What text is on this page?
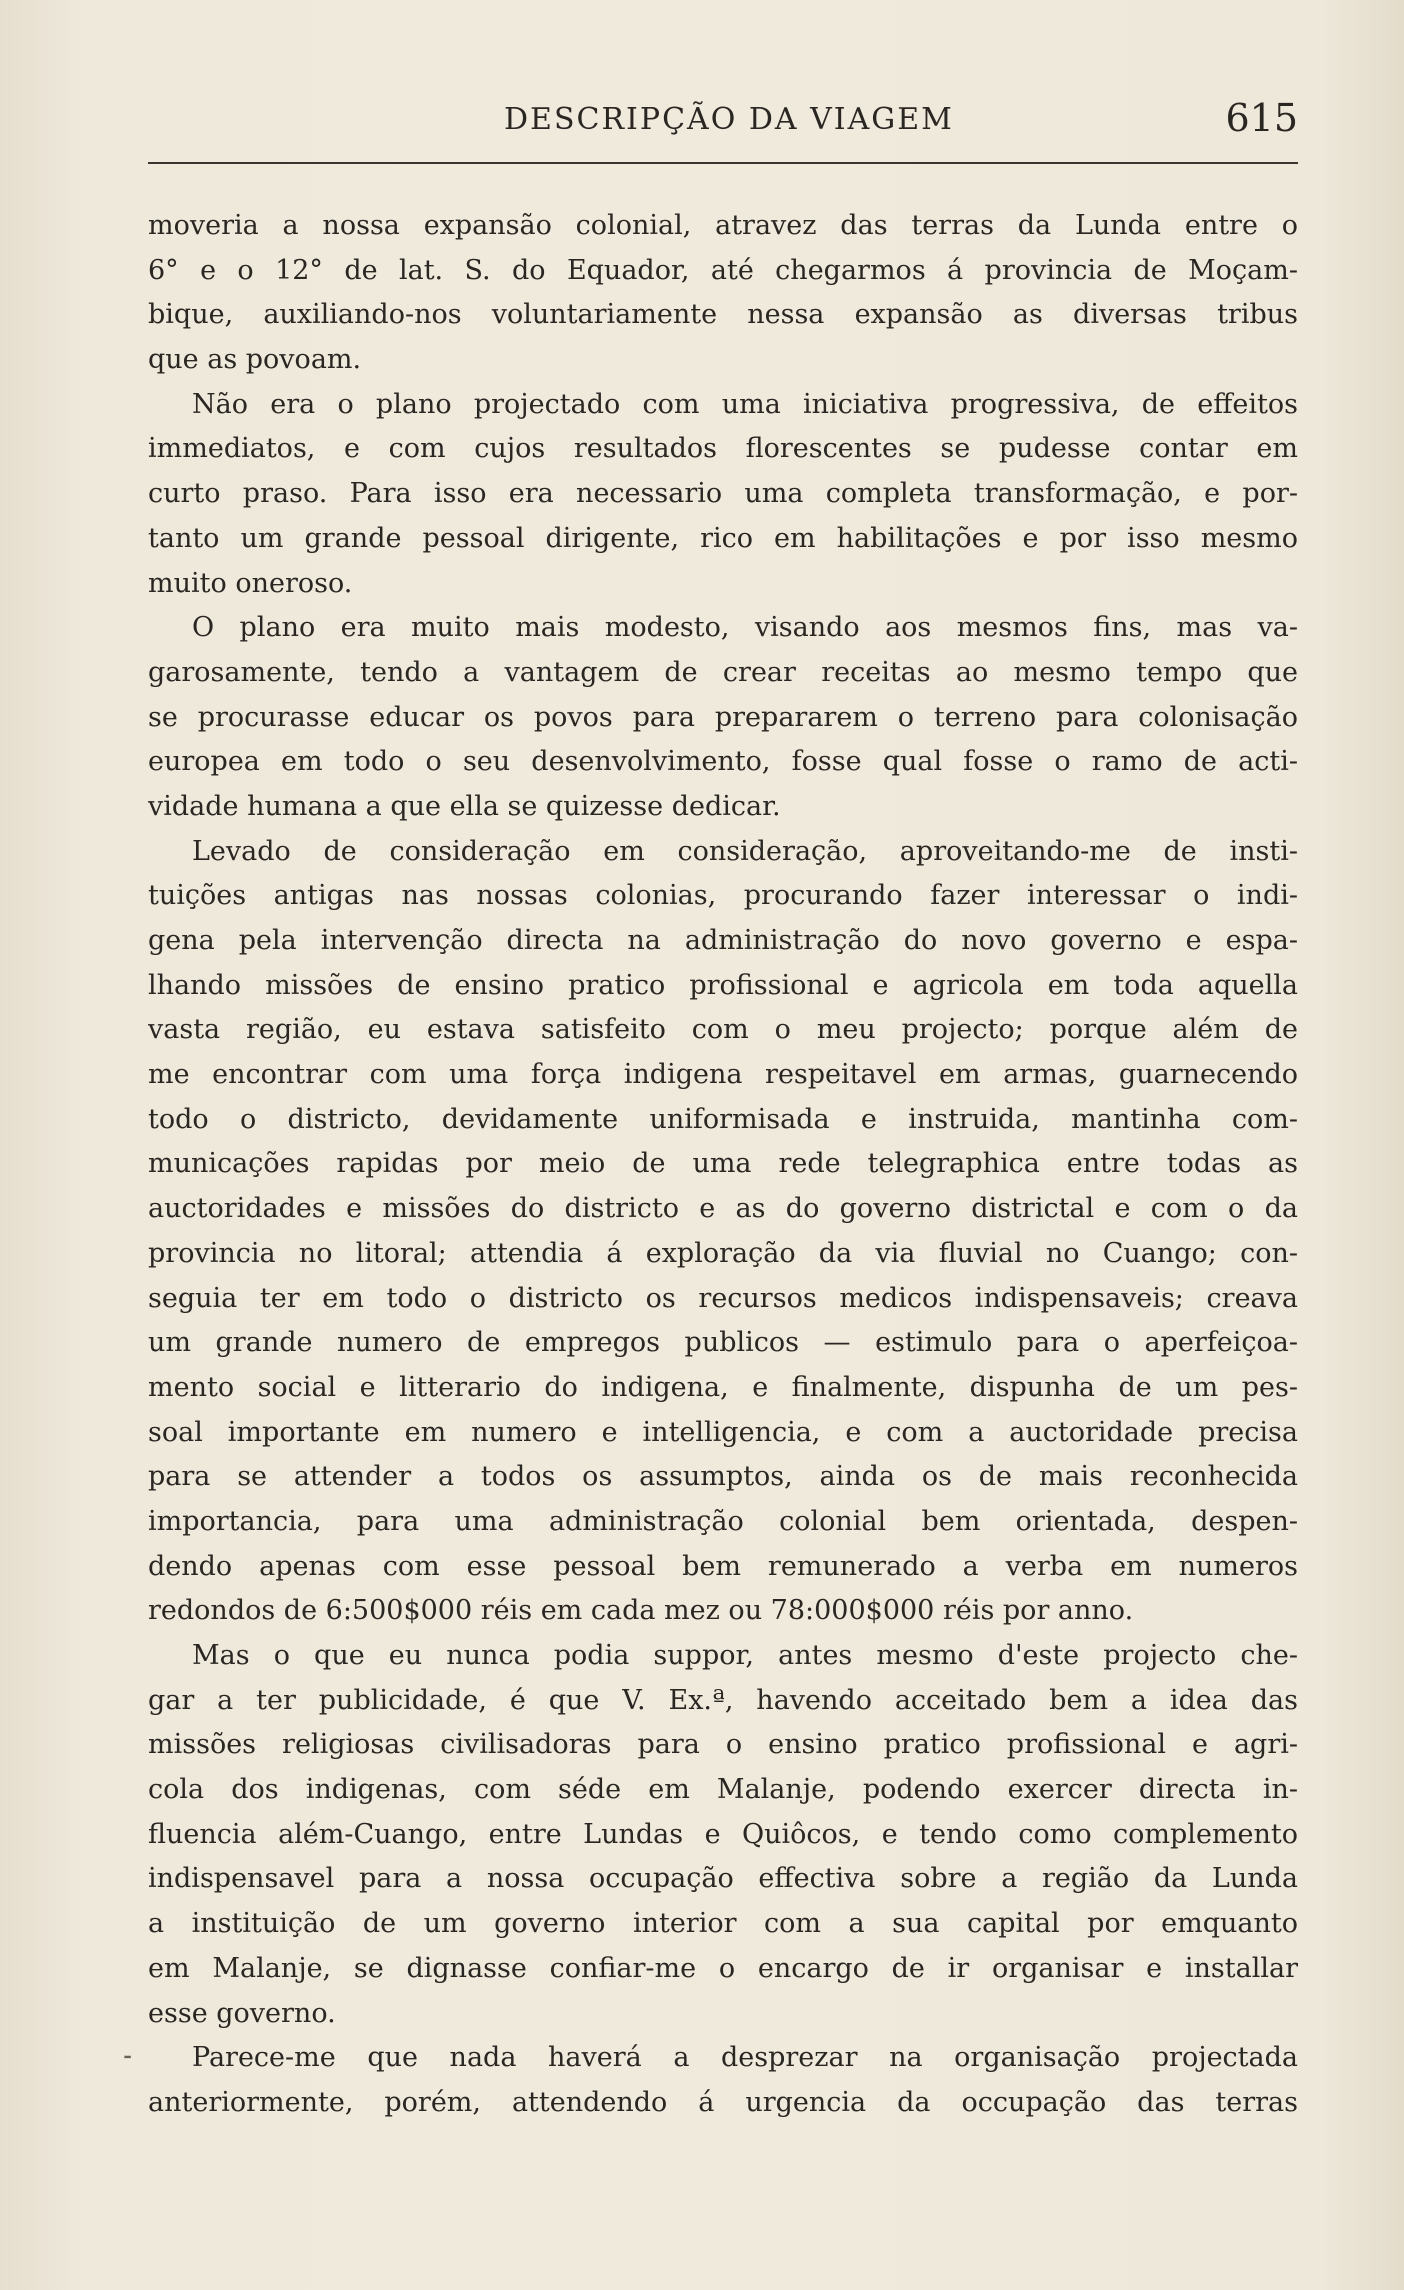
DESCRIPÇÃO DA VIAGEM	615
moveria a nossa expansão colonial, atravez das terras da Lunda entre o
6° e o 12° de lat. S. do Equador, até chegarmos á provincia de Moçam-
bique, auxiliando-nos voluntariamente nessa expansão as diversas tribus
que as povoam.
Não era o plano projectado com uma iniciativa progressiva, de effeitos
immediatos, e com cujos resultados florescentes se pudesse contar em
curto praso. Para isso era necessario uma completa transformação, e por-
tanto um grande pessoal dirigente, rico em habilitações e por isso mesmo
muito oneroso.
O plano era muito mais modesto, visando aos mesmos fins, mas va-
garosamente, tendo a vantagem de crear receitas ao mesmo tempo que
se procurasse educar os povos para prepararem o terreno para colonisação
europea em todo o seu desenvolvimento, fosse qual fosse o ramo de acti-
vidade humana a que ella se quizesse dedicar.
Levado de consideração em consideração, aproveitando-me de insti-
tuições antigas nas nossas colonias, procurando fazer interessar o indi-
gena pela intervenção directa na administração do novo governo e espa-
lhando missões de ensino pratico profissional e agricola em toda aquella
vasta região, eu estava satisfeito com o meu projecto; porque além de
me encontrar com uma força indigena respeitavel em armas, guarnecendo
todo o districto, devidamente uniformisada e instruida, mantinha com-
municações rapidas por meio de uma rede telegraphica entre todas as
auctoridades e missões do districto e as do governo districtal e com o da
provincia no litoral; attendia á exploração da via fluvial no Cuango; con-
seguia ter em todo o districto os recursos medicos indispensaveis; creava
um grande numero de empregos publicos — estimulo para o aperfeiçoa-
mento social e litterario do indigena, e finalmente, dispunha de um pes-
soal importante em numero e intelligencia, e com a auctoridade precisa
para se attender a todos os assumptos, ainda os de mais reconhecida
importancia, para uma administração colonial bem orientada, despen-
dendo apenas com esse pessoal bem remunerado a verba em numeros
redondos de 6:500$000 réis em cada mez ou 78:000$000 réis por anno.
Mas o que eu nunca podia suppor, antes mesmo d'este projecto che-
gar a ter publicidade, é que V. Ex.ª, havendo acceitado bem a idea das
missões religiosas civilisadoras para o ensino pratico profissional e agri-
cola dos indigenas, com séde em Malanje, podendo exercer directa in-
fluencia além-Cuango, entre Lundas e Quiôcos, e tendo como complemento
indispensavel para a nossa occupação effectiva sobre a região da Lunda
a instituição de um governo interior com a sua capital por emquanto
em Malanje, se dignasse confiar-me o encargo de ir organisar e installar
esse governo.
Parece-me que nada haverá a desprezar na organisação projectada
anteriormente, porém, attendendo á urgencia da occupação das terras
⁃
